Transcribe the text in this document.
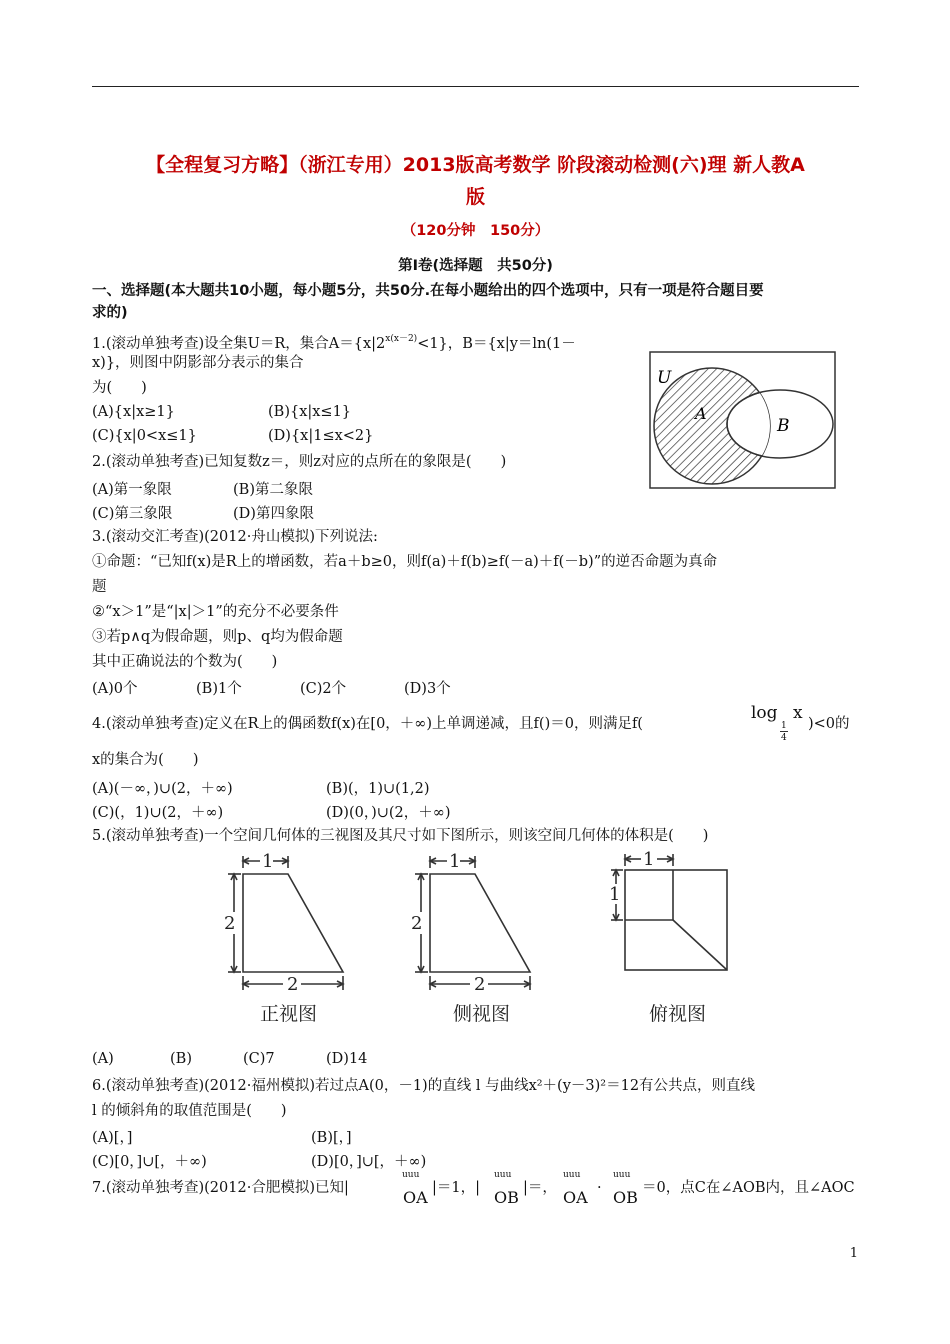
【全程复习方略】（浙江专用）2013版高考数学 阶段滚动检测(六)理 新人教A
版
（120分钟　150分）
第Ⅰ卷(选择题　共50分)
一、选择题(本大题共10小题，每小题5分，共50分.在每小题给出的四个选项中，只有一项是符合题目要
求的)
1.(滚动单独考查)设全集U＝R，集合$A=\{x|2^{x(x-2)}<1\}$，B＝{x|y＝ln(1－
x)}，则图中阴影部分表示的集合
为(　　)
(A){x|x≥1}	(B){x|x≤1}
(C){x|0<x≤1}	(D){x|1≤x<2}
U
A
B
2.(滚动单独考查)已知复数z＝，则z对应的点所在的象限是(　　)
(A)第一象限	(B)第二象限
(C)第三象限	(D)第四象限
3.(滚动交汇考查)(2012·舟山模拟)下列说法:
①命题：“已知f(x)是R上的增函数，若a＋b≥0，则f(a)＋f(b)≥f(－a)＋f(－b)”的逆否命题为真命
题
②“x＞1”是“|x|＞1”的充分不必要条件
③若p∧q为假命题，则p、q均为假命题
其中正确说法的个数为(　　)
(A)0个	(B)1个	(C)2个	(D)3个
4.(滚动单独考查)定义在R上的偶函数f(x)在[0，＋∞)上单调递减，且f()＝0，则满足f(
log
1
4
x
)<0的
x的集合为(　　)
(A)(－∞，)∪(2，＋∞)	(B)(，1)∪(1,2)
(C)(，1)∪(2，＋∞)	(D)(0，)∪(2，＋∞)
5.(滚动单独考查)一个空间几何体的三视图及其尺寸如下图所示，则该空间几何体的体积是(　　)
1
2
2
1
2
2
1
1
正视图	侧视图	俯视图
(A)	(B)	(C)7	(D)14
6.(滚动单独考查)(2012·福州模拟)若过点A(0，－1)的直线 l 与曲线x²＋(y－3)²＝12有公共点，则直线
l 的倾斜角的取值范围是(　　)
(A)[，]	(B)[，]
(C)[0，]∪[，＋∞)	(D)[0，]∪[，＋∞)
7.(滚动单独考查)(2012·合肥模拟)已知|
uuu
OA |＝1，|
uuu
OB |＝，
uuu
OA ·
uuu
OB ＝0，点C在∠AOB内，且∠AOC
1
